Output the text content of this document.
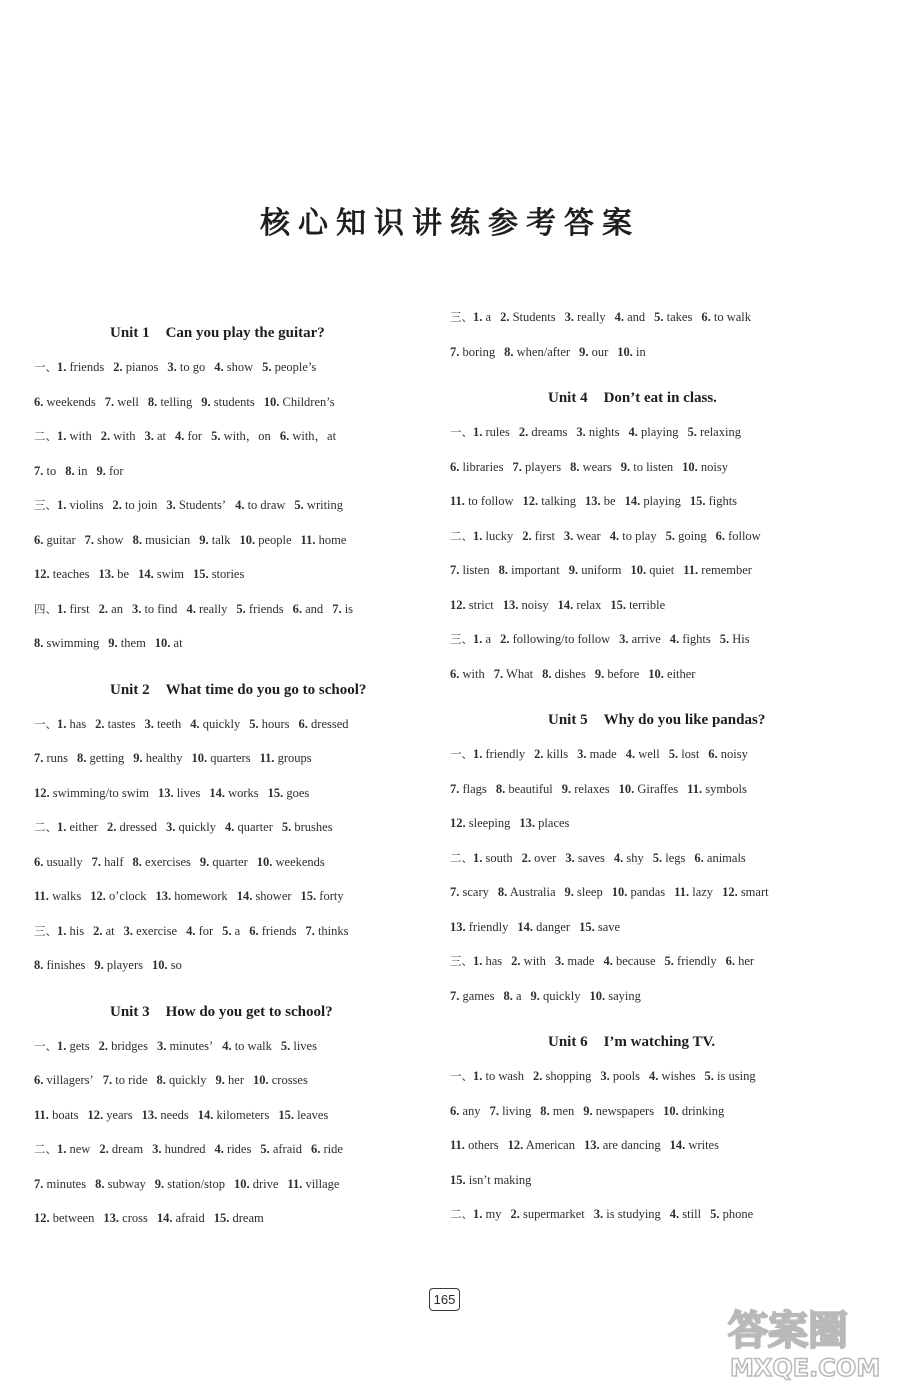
核心知识讲练参考答案
Unit 1 Can you play the guitar?
一、1. friends 2. pianos 3. to go 4. show 5. people’s
6. weekends 7. well 8. telling 9. students 10. Children’s
二、1. with 2. with 3. at 4. for 5. with，on 6. with，at
7. to 8. in 9. for
三、1. violins 2. to join 3. Students’ 4. to draw 5. writing
6. guitar 7. show 8. musician 9. talk 10. people 11. home
12. teaches 13. be 14. swim 15. stories
四、1. first 2. an 3. to find 4. really 5. friends 6. and 7. is
8. swimming 9. them 10. at
Unit 2 What time do you go to school?
一、1. has 2. tastes 3. teeth 4. quickly 5. hours 6. dressed
7. runs 8. getting 9. healthy 10. quarters 11. groups
12. swimming/to swim 13. lives 14. works 15. goes
二、1. either 2. dressed 3. quickly 4. quarter 5. brushes
6. usually 7. half 8. exercises 9. quarter 10. weekends
11. walks 12. o’clock 13. homework 14. shower 15. forty
三、1. his 2. at 3. exercise 4. for 5. a 6. friends 7. thinks
8. finishes 9. players 10. so
Unit 3 How do you get to school?
一、1. gets 2. bridges 3. minutes’ 4. to walk 5. lives
6. villagers’ 7. to ride 8. quickly 9. her 10. crosses
11. boats 12. years 13. needs 14. kilometers 15. leaves
二、1. new 2. dream 3. hundred 4. rides 5. afraid 6. ride
7. minutes 8. subway 9. station/stop 10. drive 11. village
12. between 13. cross 14. afraid 15. dream
三、1. a 2. Students 3. really 4. and 5. takes 6. to walk
7. boring 8. when/after 9. our 10. in
Unit 4 Don’t eat in class.
一、1. rules 2. dreams 3. nights 4. playing 5. relaxing
6. libraries 7. players 8. wears 9. to listen 10. noisy
11. to follow 12. talking 13. be 14. playing 15. fights
二、1. lucky 2. first 3. wear 4. to play 5. going 6. follow
7. listen 8. important 9. uniform 10. quiet 11. remember
12. strict 13. noisy 14. relax 15. terrible
三、1. a 2. following/to follow 3. arrive 4. fights 5. His
6. with 7. What 8. dishes 9. before 10. either
Unit 5 Why do you like pandas?
一、1. friendly 2. kills 3. made 4. well 5. lost 6. noisy
7. flags 8. beautiful 9. relaxes 10. Giraffes 11. symbols
12. sleeping 13. places
二、1. south 2. over 3. saves 4. shy 5. legs 6. animals
7. scary 8. Australia 9. sleep 10. pandas 11. lazy 12. smart
13. friendly 14. danger 15. save
三、1. has 2. with 3. made 4. because 5. friendly 6. her
7. games 8. a 9. quickly 10. saying
Unit 6 I’m watching TV.
一、1. to wash 2. shopping 3. pools 4. wishes 5. is using
6. any 7. living 8. men 9. newspapers 10. drinking
11. others 12. American 13. are dancing 14. writes
15. isn’t making
二、1. my 2. supermarket 3. is studying 4. still 5. phone
165
答案圈
MXQE.COM
